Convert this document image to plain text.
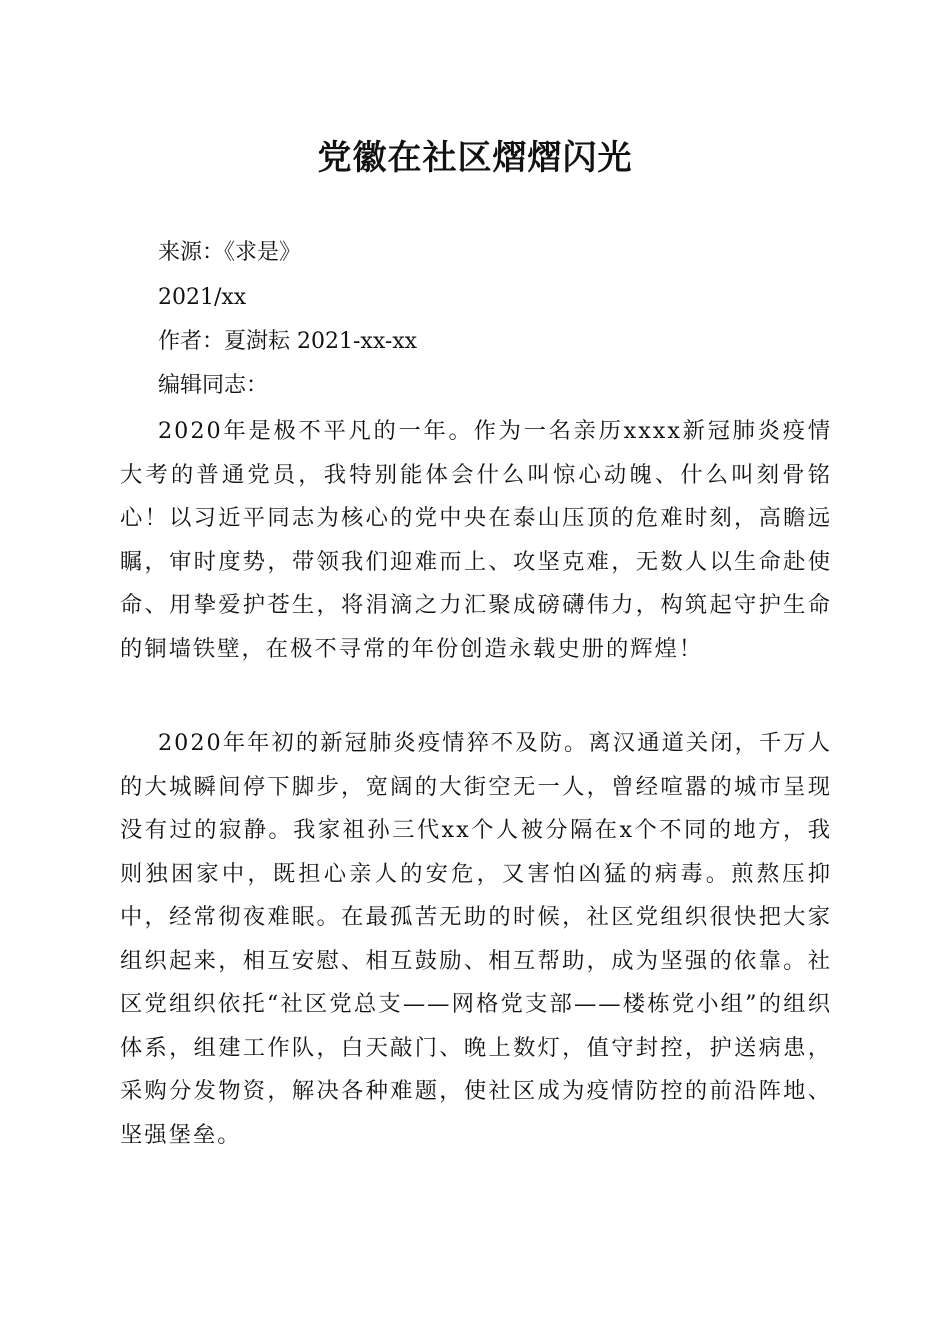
党徽在社区熠熠闪光

来源：《求是》

2021/xx

作者：夏澍耘 2021-xx-xx

编辑同志：

2020年是极不平凡的一年。作为一名亲历xxxx新冠肺炎疫情大考的普通党员，我特别能体会什么叫惊心动魄、什么叫刻骨铭心！以习近平同志为核心的党中央在泰山压顶的危难时刻，高瞻远瞩，审时度势，带领我们迎难而上、攻坚克难，无数人以生命赴使命、用挚爱护苍生，将涓滴之力汇聚成磅礴伟力，构筑起守护生命的铜墙铁壁，在极不寻常的年份创造永载史册的辉煌！

2020年年初的新冠肺炎疫情猝不及防。离汉通道关闭，千万人的大城瞬间停下脚步，宽阔的大街空无一人，曾经喧嚣的城市呈现没有过的寂静。我家祖孙三代xx个人被分隔在x个不同的地方，我则独困家中，既担心亲人的安危，又害怕凶猛的病毒。煎熬压抑中，经常彻夜难眠。在最孤苦无助的时候，社区党组织很快把大家组织起来，相互安慰、相互鼓励、相互帮助，成为坚强的依靠。社区党组织依托“社区党总支——网格党支部——楼栋党小组”的组织体系，组建工作队，白天敲门、晚上数灯，值守封控，护送病患，采购分发物资，解决各种难题，使社区成为疫情防控的前沿阵地、坚强堡垒。
